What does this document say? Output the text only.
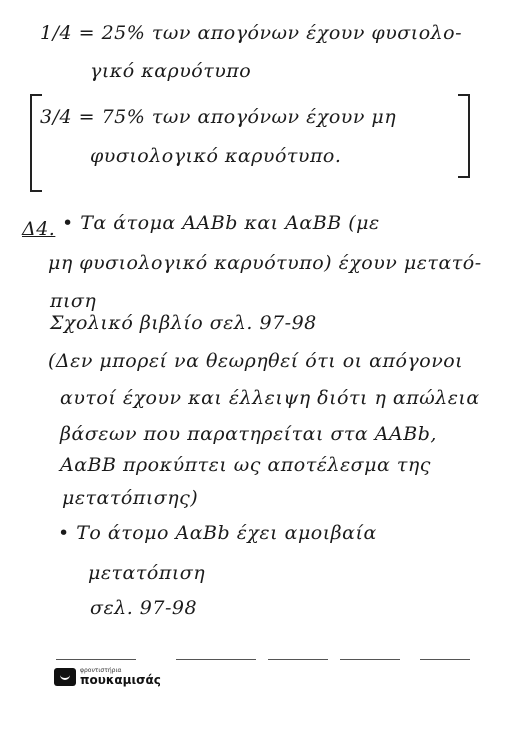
1/4 = 25% των απογόνων έχουν φυσιολο-
γικό καρυότυπο
3/4 = 75% των απογόνων έχουν μη
φυσιολογικό καρυότυπο.
Δ4. • Τα άτομα ΑΑΒb και ΑαΒΒ (με
μη φυσιολογικό καρυότυπο) έχουν μετατό-
πιση
Σχολικό βιβλίο σελ. 97-98
(Δεν μπορεί να θεωρηθεί ότι οι απόγονοι
αυτοί έχουν και έλλειψη διότι η απώλεια
βάσεων που παρατηρείται στα ΑΑΒb,
ΑαΒΒ προκύπτει ως αποτέλεσμα της
μετατόπισης)
• Το άτομο ΑαΒb έχει αμοιβαία
μετατόπιση
σελ. 97-98
φροντιστήρια
πουκαμισάς
